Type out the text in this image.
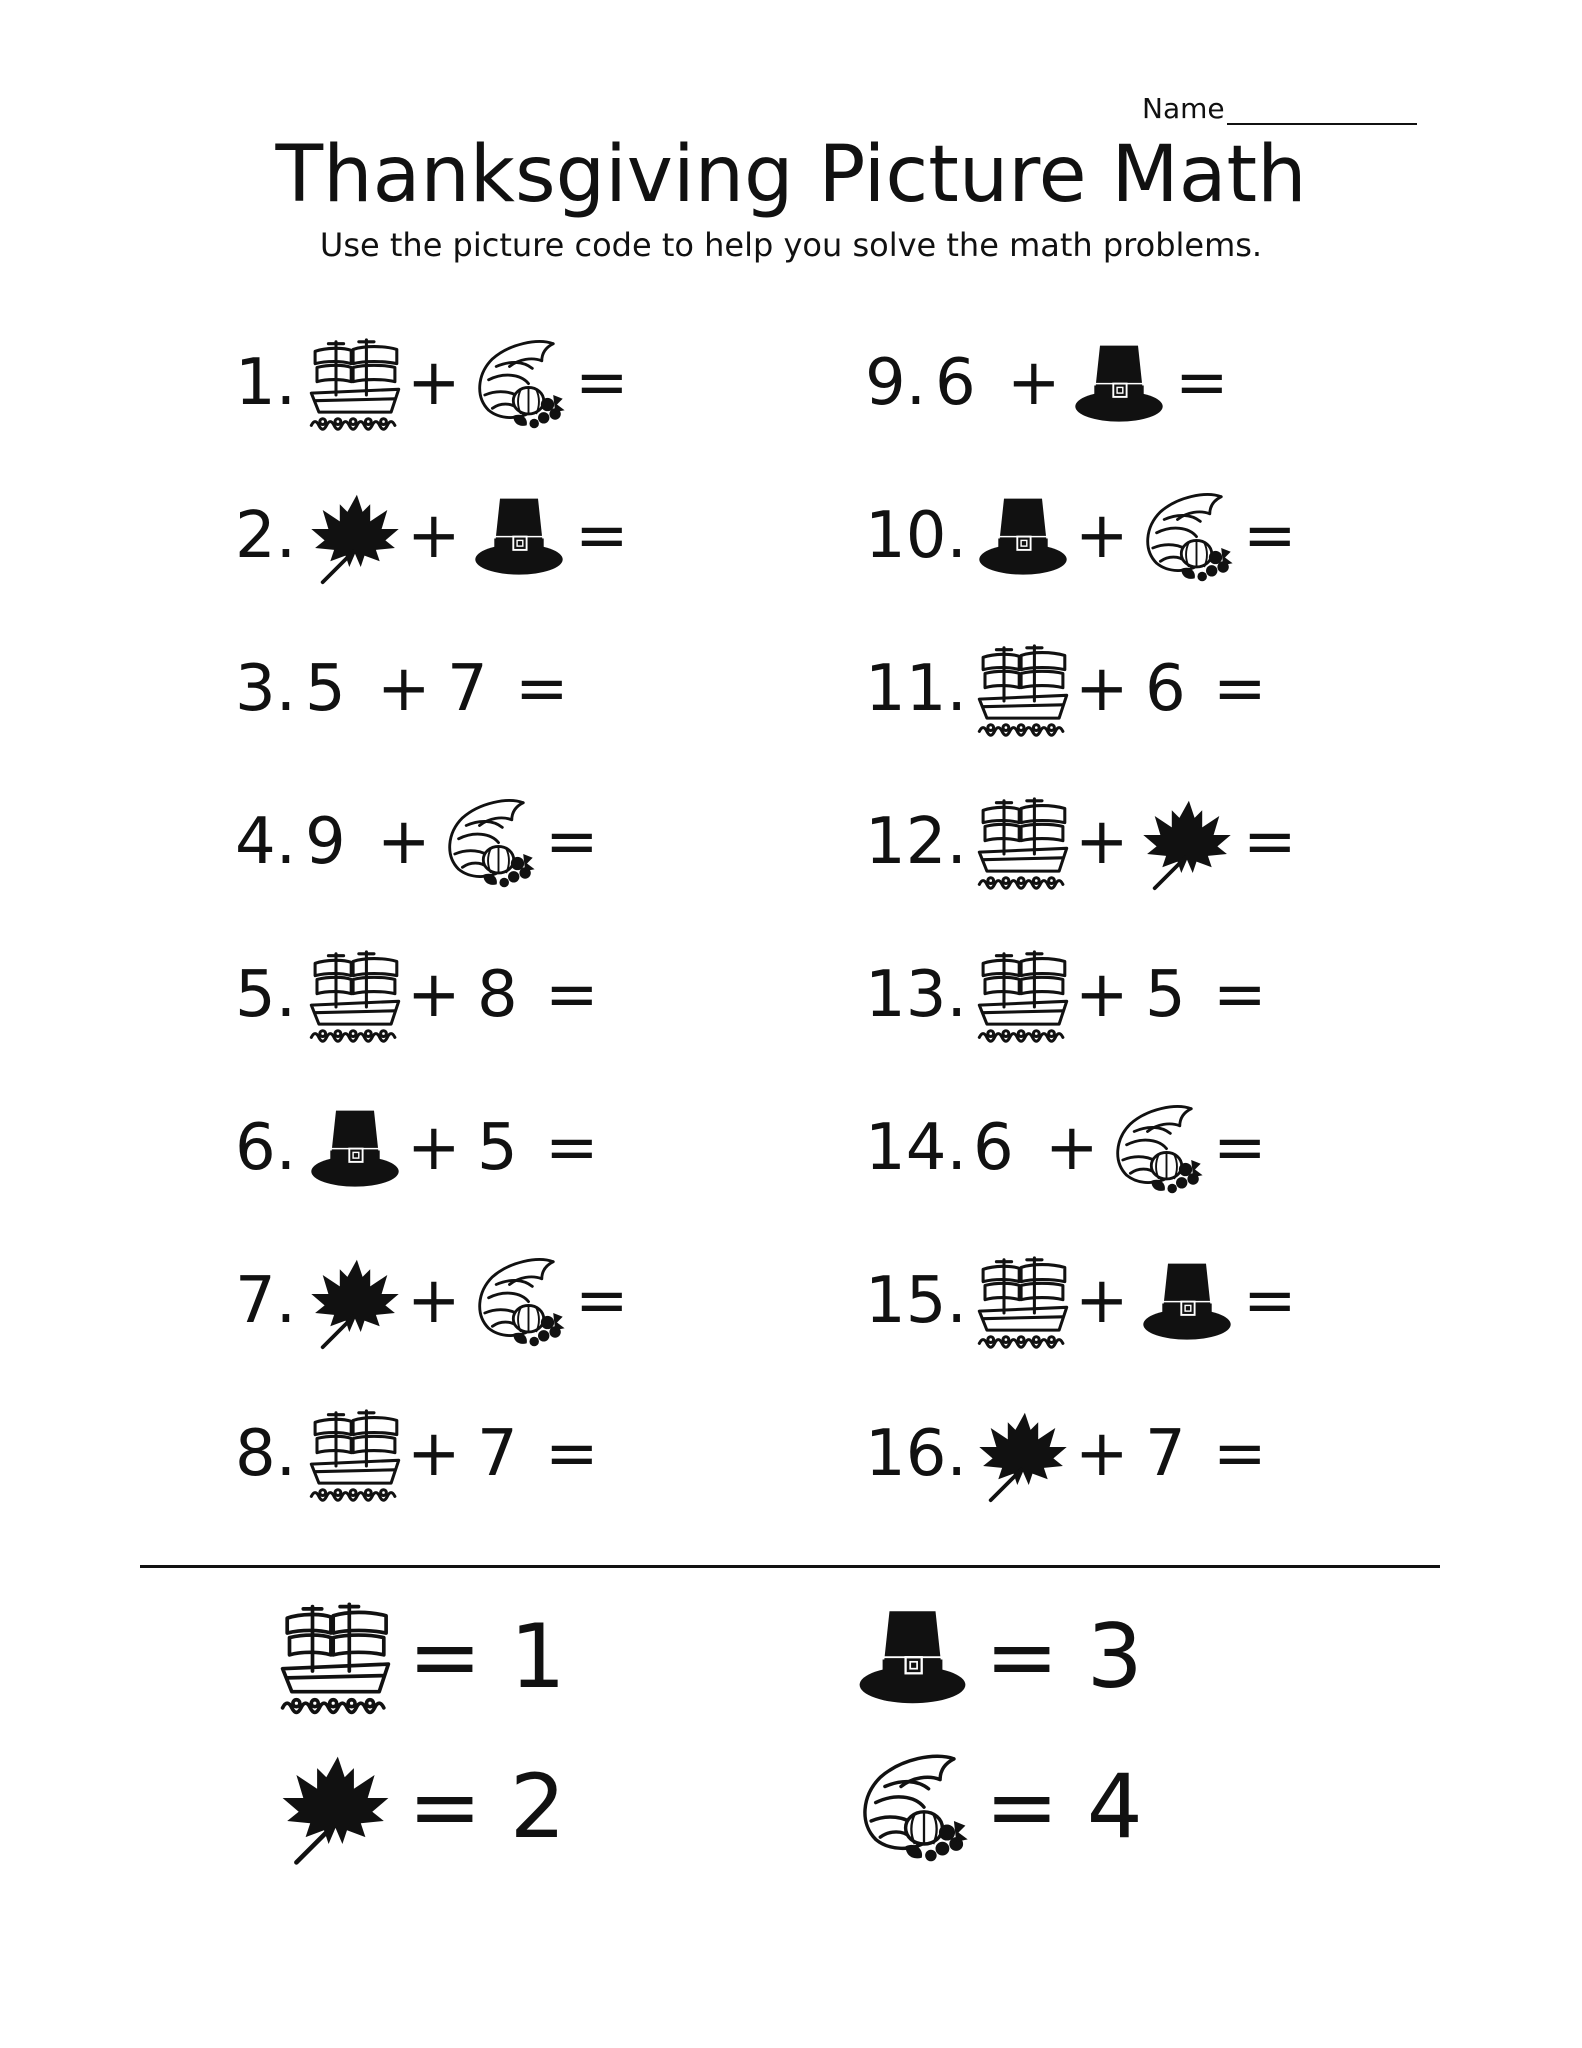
Name
Thanksgiving Picture Math
Use the picture code to help you solve the math problems.
1. + =
2. + =
3. 5 + 7 =
4. 9 + =
5. + 8 =
6. + 5 =
7. + =
8. + 7 =
9. 6 + =
10. + =
11. + 6 =
12. + =
13. + 5 =
14. 6 + =
15. + =
16. + 7 =
= 1	= 3
= 2	= 4
